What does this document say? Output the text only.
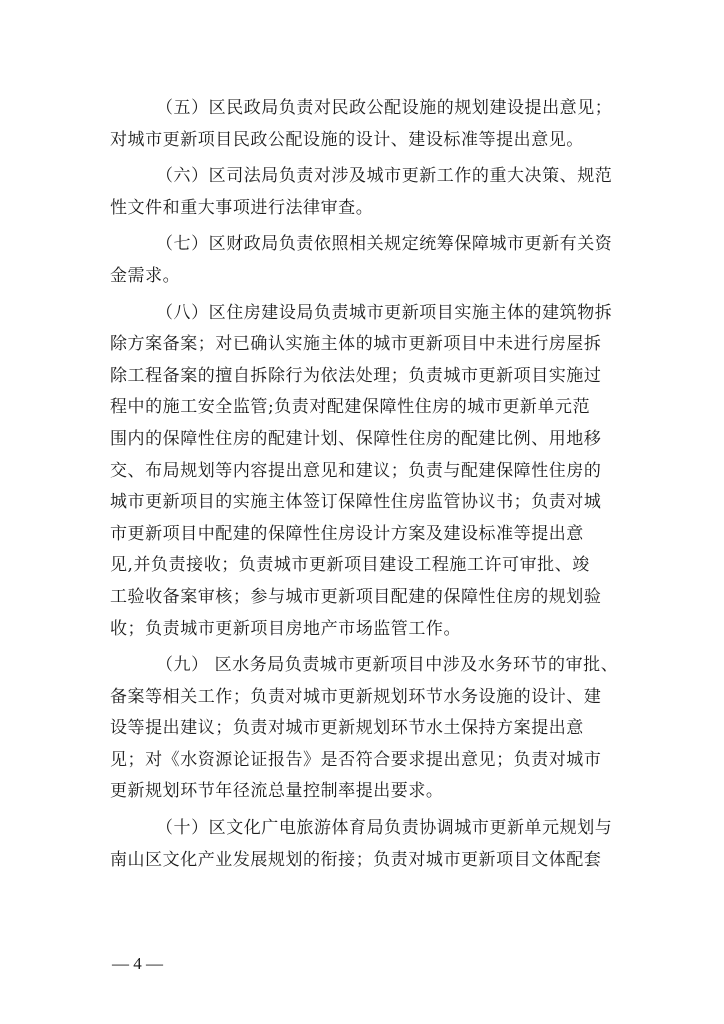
（五）区民政局负责对民政公配设施的规划建设提出意见；
对城市更新项目民政公配设施的设计、建设标准等提出意见。
（六）区司法局负责对涉及城市更新工作的重大决策、规范
性文件和重大事项进行法律审查。
（七）区财政局负责依照相关规定统筹保障城市更新有关资
金需求。
（八）区住房建设局负责城市更新项目实施主体的建筑物拆
除方案备案；对已确认实施主体的城市更新项目中未进行房屋拆
除工程备案的擅自拆除行为依法处理；负责城市更新项目实施过
程中的施工安全监管;负责对配建保障性住房的城市更新单元范
围内的保障性住房的配建计划、保障性住房的配建比例、用地移
交、布局规划等内容提出意见和建议；负责与配建保障性住房的
城市更新项目的实施主体签订保障性住房监管协议书；负责对城
市更新项目中配建的保障性住房设计方案及建设标准等提出意
见,并负责接收；负责城市更新项目建设工程施工许可审批、竣
工验收备案审核；参与城市更新项目配建的保障性住房的规划验
收；负责城市更新项目房地产市场监管工作。
（九） 区水务局负责城市更新项目中涉及水务环节的审批、
备案等相关工作；负责对城市更新规划环节水务设施的设计、建
设等提出建议；负责对城市更新规划环节水土保持方案提出意
见；对《水资源论证报告》是否符合要求提出意见；负责对城市
更新规划环节年径流总量控制率提出要求。
（十）区文化广电旅游体育局负责协调城市更新单元规划与
南山区文化产业发展规划的衔接；负责对城市更新项目文体配套
— 4 —
